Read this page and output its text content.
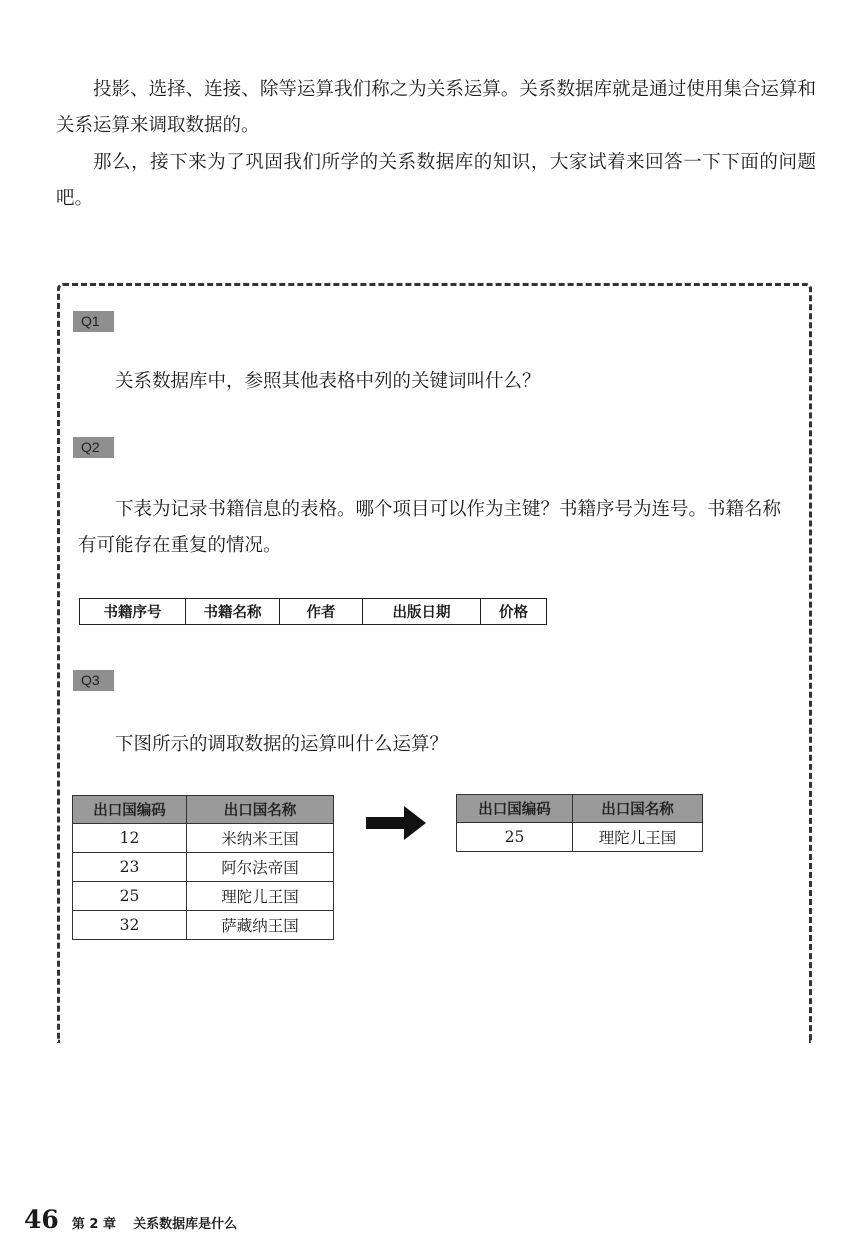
投影、选择、连接、除等运算我们称之为关系运算。关系数据库就是通过使用集合运算和关系运算来调取数据的。

那么，接下来为了巩固我们所学的关系数据库的知识，大家试着来回答一下下面的问题吧。

Q1

关系数据库中，参照其他表格中列的关键词叫什么？

Q2

下表为记录书籍信息的表格。哪个项目可以作为主键？书籍序号为连号。书籍名称有可能存在重复的情况。

书籍序号	书籍名称	作者	出版日期	价格
Q3

下图所示的调取数据的运算叫什么运算？

出口国编码	出口国名称
12	米纳米王国
23	阿尔法帝国
25	理陀儿王国
32	萨藏纳王国
出口国编码	出口国名称
25	理陀儿王国
46 第 2 章 关系数据库是什么
